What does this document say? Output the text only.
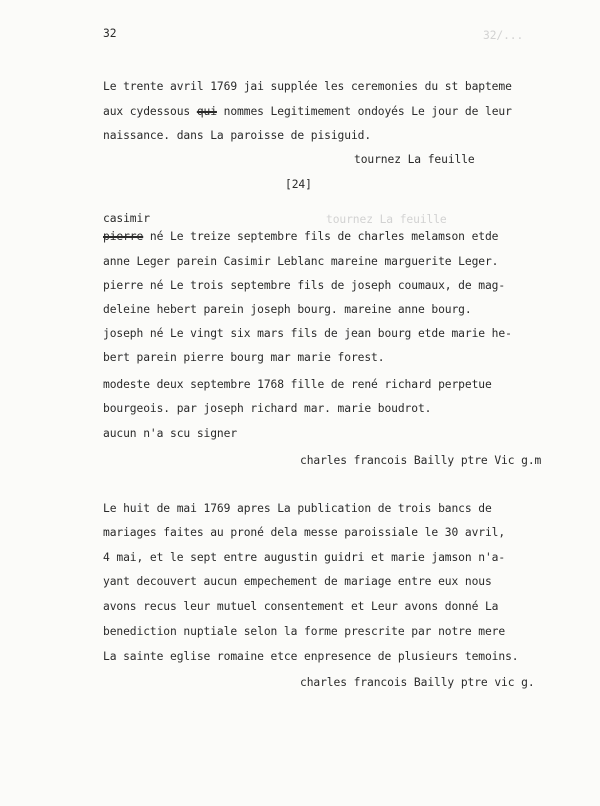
32	32/...
Le trente avril 1769 jai supplée les ceremonies du st bapteme
aux cydessous qui nommes Legitimement ondoyés Le jour de leur
naissance. dans La paroisse de pisiguid.
tournez La feuille
[24]
casimir	tournez La feuille
pierre né Le treize septembre fils de charles melamson etde
anne Leger parein Casimir Leblanc mareine marguerite Leger.
pierre né Le trois septembre fils de joseph coumaux, de mag-
deleine hebert parein joseph bourg. mareine anne bourg.
joseph né Le vingt six mars fils de jean bourg etde marie he-
bert parein pierre bourg mar marie forest.
modeste deux septembre 1768 fille de rené richard perpetue
bourgeois. par joseph richard mar. marie boudrot.
aucun n'a scu signer
charles francois Bailly ptre Vic g.m
Le huit de mai 1769 apres La publication de trois bancs de
mariages faites au proné dela messe paroissiale le 30 avril,
4 mai, et le sept entre augustin guidri et marie jamson n'a-
yant decouvert aucun empechement de mariage entre eux nous
avons recus leur mutuel consentement et Leur avons donné La
benediction nuptiale selon la forme prescrite par notre mere
La sainte eglise romaine etce enpresence de plusieurs temoins.
charles francois Bailly ptre vic g.
